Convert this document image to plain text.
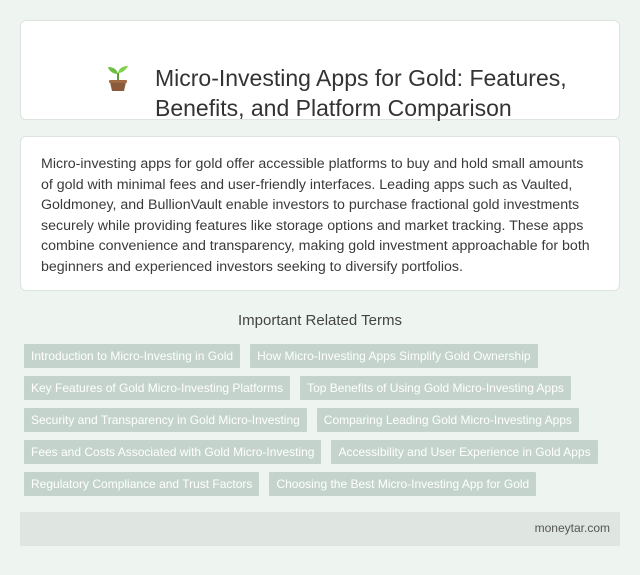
Micro-Investing Apps for Gold: Features, Benefits, and Platform Comparison

Micro-investing apps for gold offer accessible platforms to buy and hold small amounts of gold with minimal fees and user-friendly interfaces. Leading apps such as Vaulted, Goldmoney, and BullionVault enable investors to purchase fractional gold investments securely while providing features like storage options and market tracking. These apps combine convenience and transparency, making gold investment approachable for both beginners and experienced investors seeking to diversify portfolios.

Important Related Terms
Introduction to Micro-Investing in Gold	How Micro-Investing Apps Simplify Gold Ownership
Key Features of Gold Micro-Investing Platforms	Top Benefits of Using Gold Micro-Investing Apps
Security and Transparency in Gold Micro-Investing	Comparing Leading Gold Micro-Investing Apps
Fees and Costs Associated with Gold Micro-Investing	Accessibility and User Experience in Gold Apps
Regulatory Compliance and Trust Factors	Choosing the Best Micro-Investing App for Gold
moneytar.com
